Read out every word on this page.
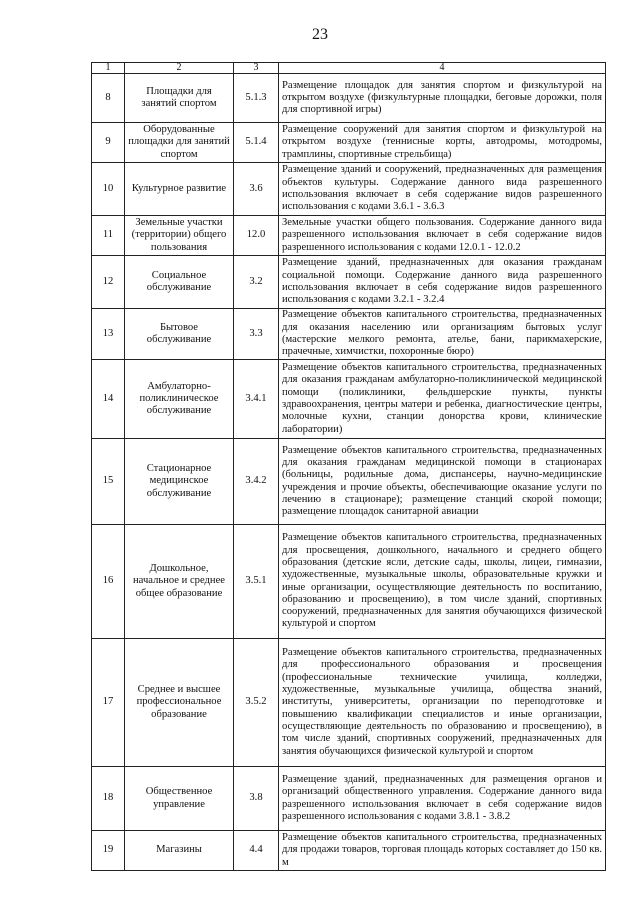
23
1	2	3	4
8	Площадки для занятий спортом	5.1.3	Размещение площадок для занятия спортом и физкультурой на открытом воздухе (физкультурные площадки, беговые дорожки, поля для спортивной игры)
9	Оборудованные площадки для занятий спортом	5.1.4	Размещение сооружений для занятия спортом и физкультурой на открытом воздухе (теннисные корты, автодромы, мотодромы, трамплины, спортивные стрельбища)
10	Культурное развитие	3.6	Размещение зданий и сооружений, предназначенных для размещения объектов культуры. Содержание данного вида разрешенного использования включает в себя содержание видов разрешенного использования с кодами 3.6.1 - 3.6.3
11	Земельные участки (территории) общего пользования	12.0	Земельные участки общего пользования. Содержание данного вида разрешенного использования включает в себя содержание видов разрешенного использования с кодами 12.0.1 - 12.0.2
12	Социальное обслуживание	3.2	Размещение зданий, предназначенных для оказания гражданам социальной помощи. Содержание данного вида разрешенного использования включает в себя содержание видов разрешенного использования с кодами 3.2.1 - 3.2.4
13	Бытовое обслуживание	3.3	Размещение объектов капитального строительства, предназначенных для оказания населению или организациям бытовых услуг (мастерские мелкого ремонта, ателье, бани, парикмахерские, прачечные, химчистки, похоронные бюро)
14	Амбулаторно-поликлиническое обслуживание	3.4.1	Размещение объектов капитального строительства, предназначенных для оказания гражданам амбулаторно-поликлинической медицинской помощи (поликлиники, фельдшерские пункты, пункты здравоохранения, центры матери и ребенка, диагностические центры, молочные кухни, станции донорства крови, клинические лаборатории)
15	Стационарное медицинское обслуживание	3.4.2	Размещение объектов капитального строительства, предназначенных для оказания гражданам медицинской помощи в стационарах (больницы, родильные дома, диспансеры, научно-медицинские учреждения и прочие объекты, обеспечивающие оказание услуги по лечению в стационаре); размещение станций скорой помощи; размещение площадок санитарной авиации
16	Дошкольное, начальное и среднее общее образование	3.5.1	Размещение объектов капитального строительства, предназначенных для просвещения, дошкольного, начального и среднего общего образования (детские ясли, детские сады, школы, лицеи, гимназии, художественные, музыкальные школы, образовательные кружки и иные организации, осуществляющие деятельность по воспитанию, образованию и просвещению), в том числе зданий, спортивных сооружений, предназначенных для занятия обучающихся физической культурой и спортом
17	Среднее и высшее профессиональное образование	3.5.2	Размещение объектов капитального строительства, предназначенных для профессионального образования и просвещения (профессиональные технические училища, колледжи, художественные, музыкальные училища, общества знаний, институты, университеты, организации по переподготовке и повышению квалификации специалистов и иные организации, осуществляющие деятельность по образованию и просвещению), в том числе зданий, спортивных сооружений, предназначенных для занятия обучающихся физической культурой и спортом
18	Общественное управление	3.8	Размещение зданий, предназначенных для размещения органов и организаций общественного управления. Содержание данного вида разрешенного использования включает в себя содержание видов разрешенного использования с кодами 3.8.1 - 3.8.2
19	Магазины	4.4	Размещение объектов капитального строительства, предназначенных для продажи товаров, торговая площадь которых составляет до 150 кв. м
